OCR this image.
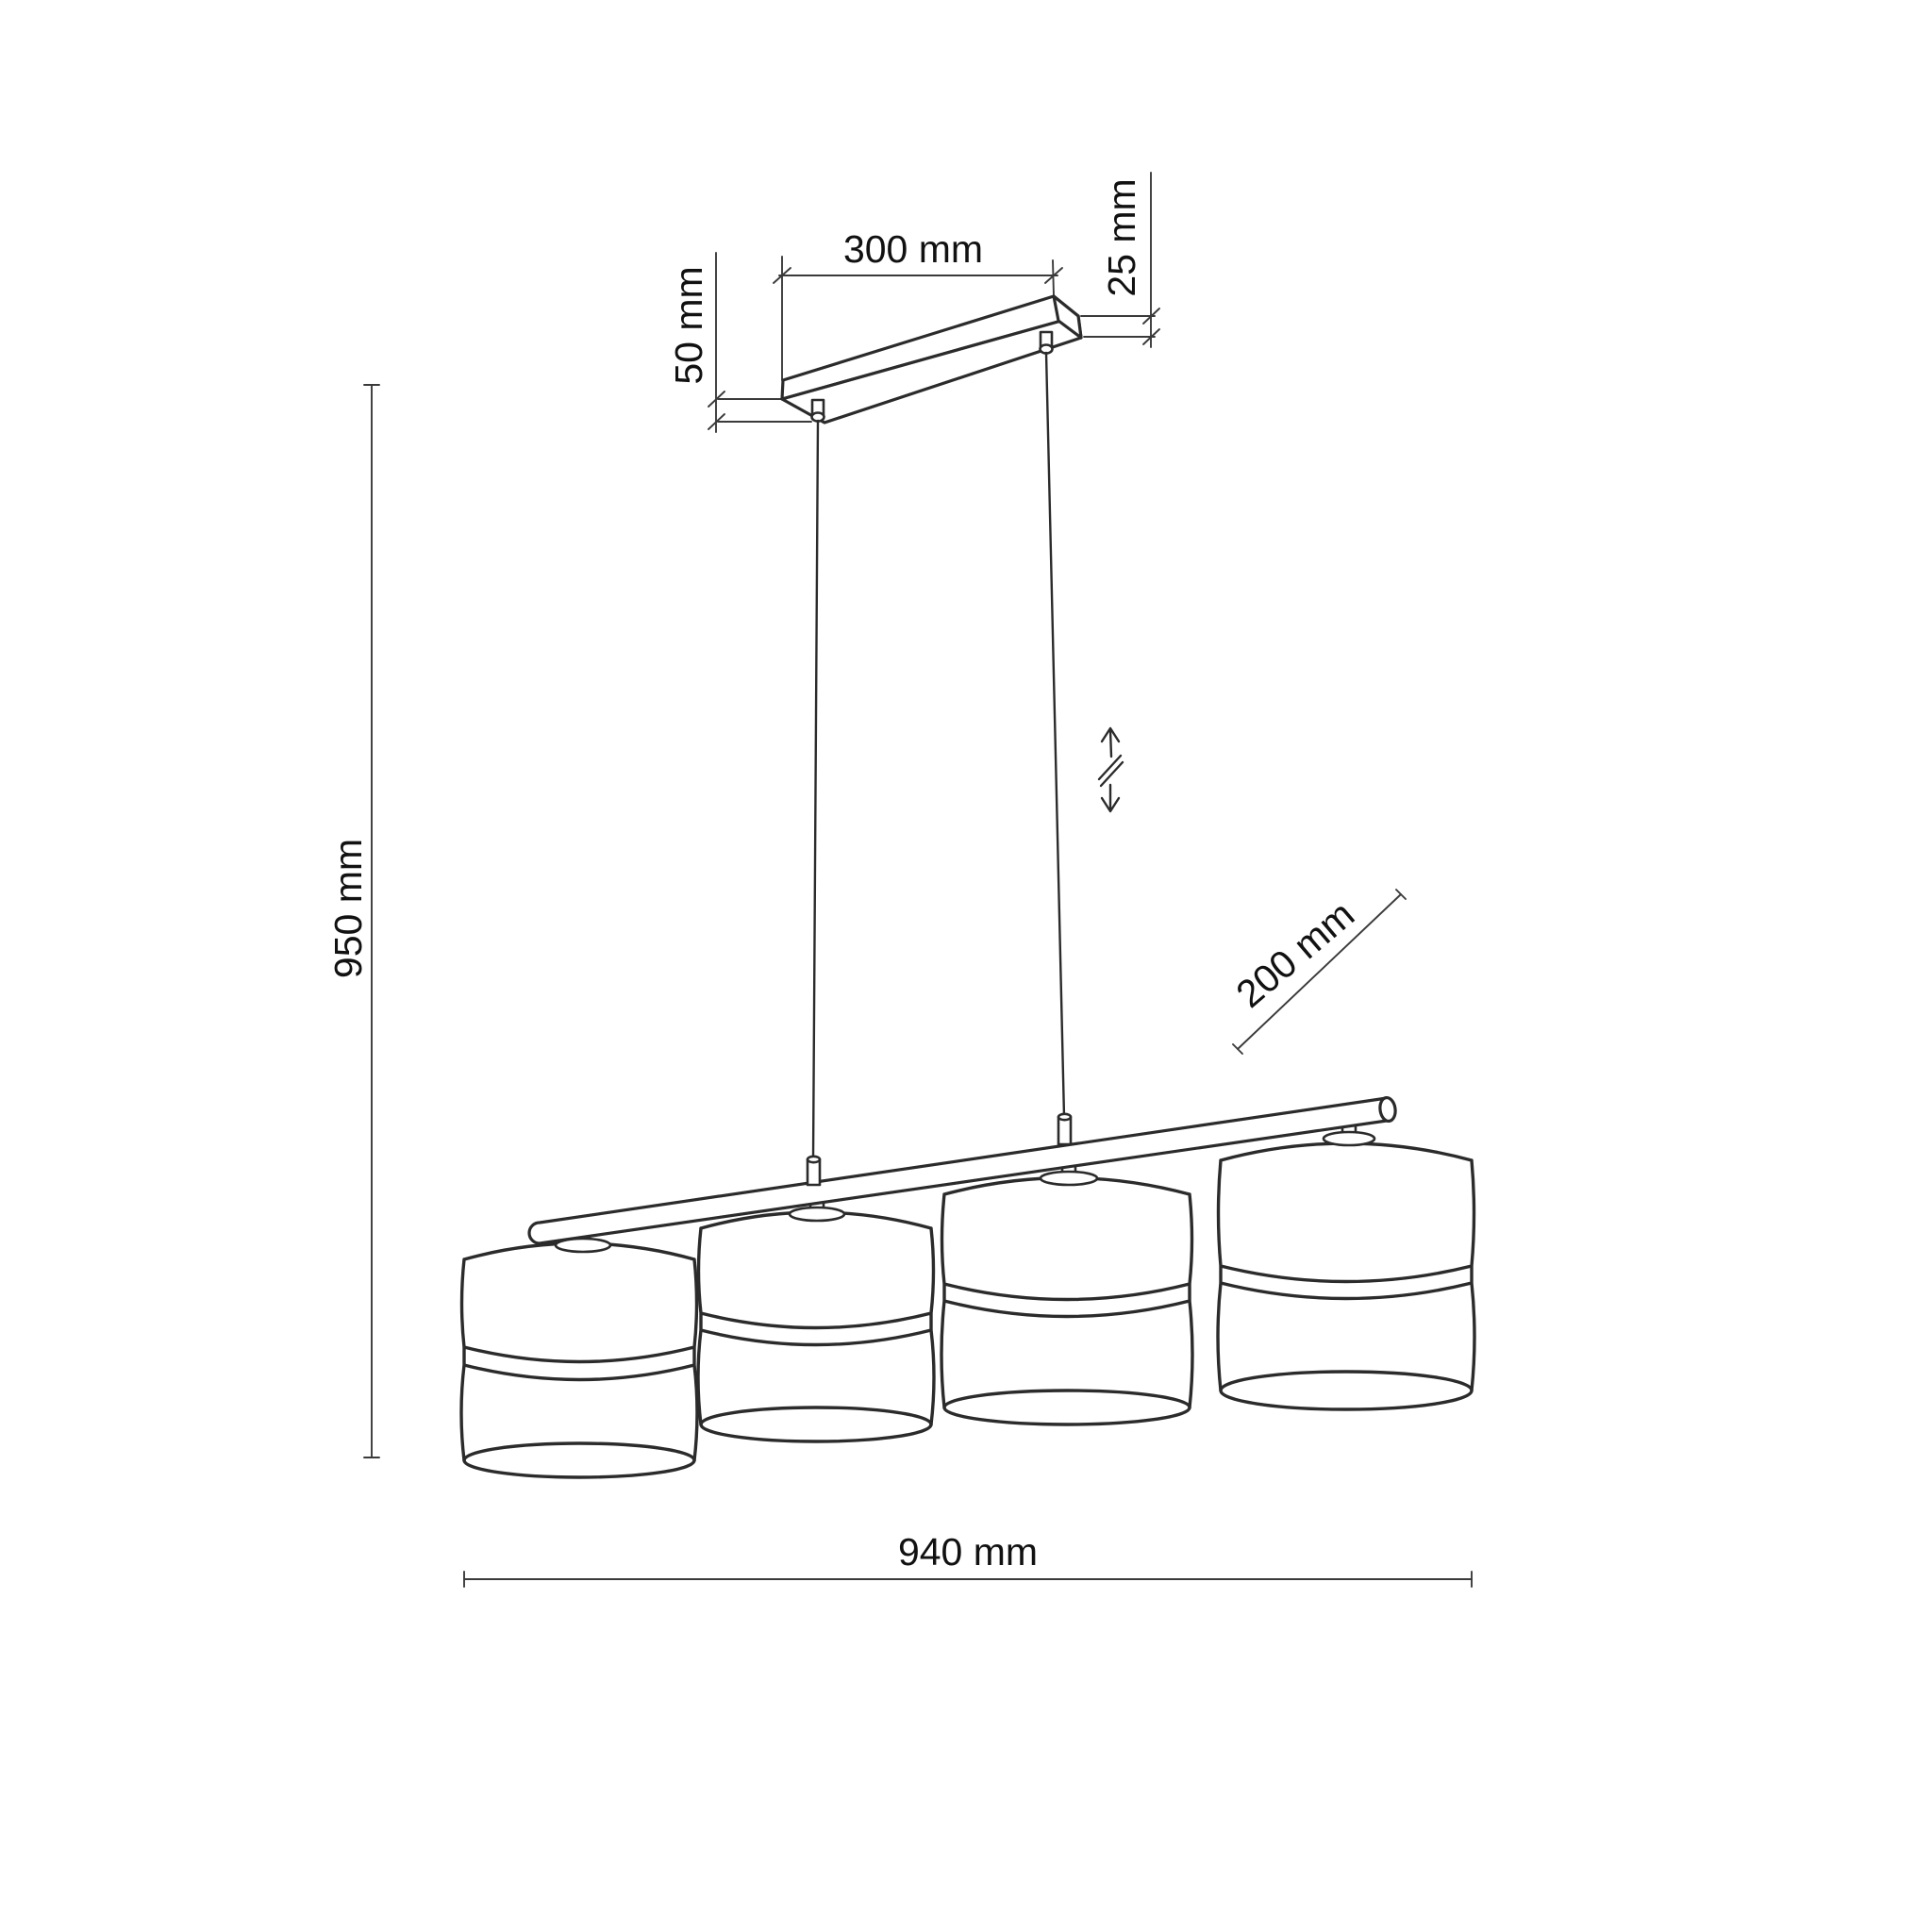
300 mm	25 mm
50 mm
950 mm
940 mm
200 mm
